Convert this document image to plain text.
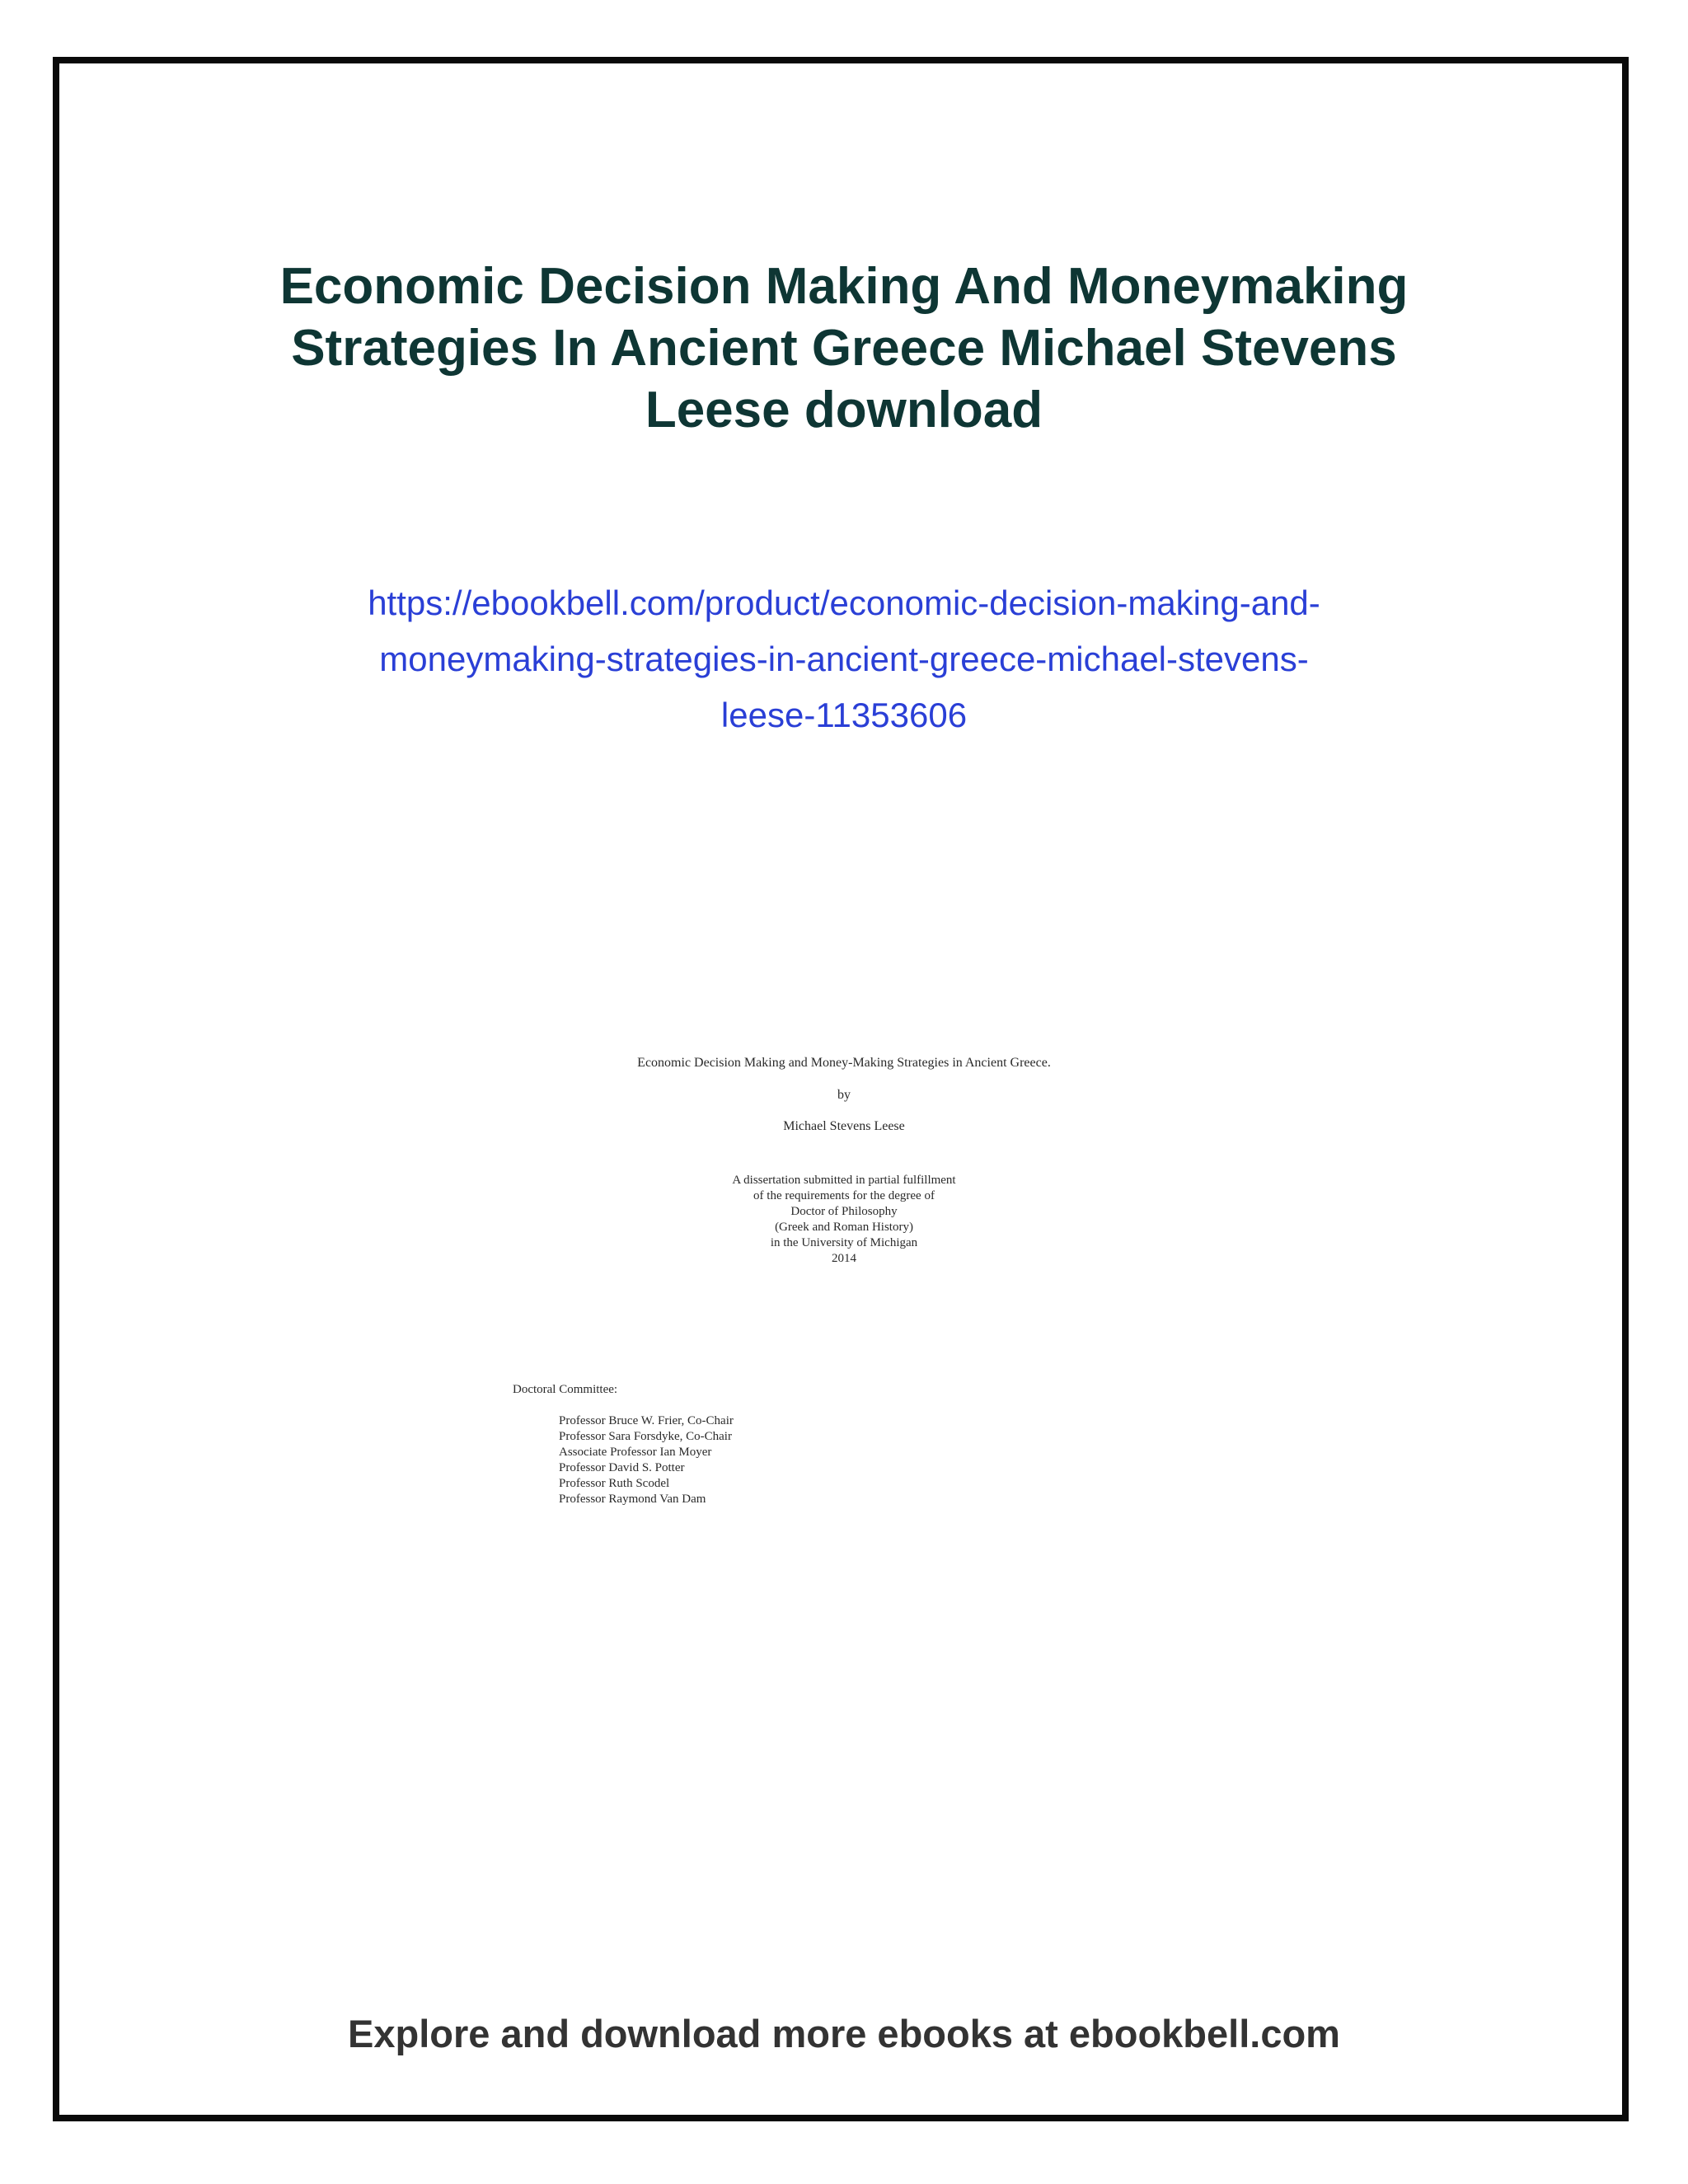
Economic Decision Making And Moneymaking
Strategies In Ancient Greece Michael Stevens
Leese download
https://ebookbell.com/product/economic-decision-making-and-
moneymaking-strategies-in-ancient-greece-michael-stevens-
leese-11353606
Economic Decision Making and Money-Making Strategies in Ancient Greece.
by
Michael Stevens Leese
A dissertation submitted in partial fulfillment
of the requirements for the degree of
Doctor of Philosophy
(Greek and Roman History)
in the University of Michigan
2014
Doctoral Committee:
Professor Bruce W. Frier, Co-Chair
Professor Sara Forsdyke, Co-Chair
Associate Professor Ian Moyer
Professor David S. Potter
Professor Ruth Scodel
Professor Raymond Van Dam
Explore and download more ebooks at ebookbell.com
